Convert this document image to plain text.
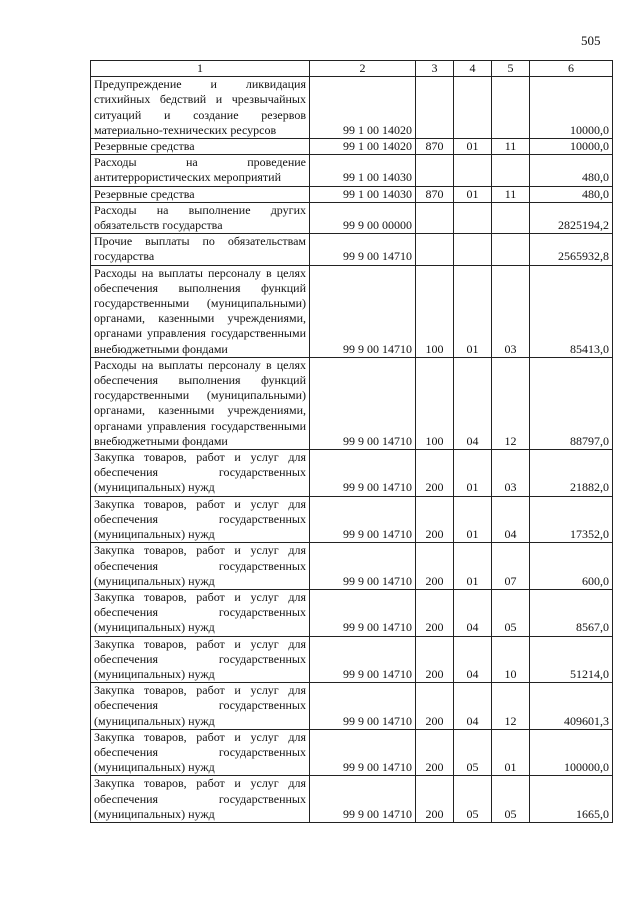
505
1	2	3	4	5	6
Предупреждение и ликвидация стихийных бедствий и чрезвычайных ситуаций и создание резервов материально-технических ресурсов	99 1 00 14020				10000,0
Резервные средства	99 1 00 14020	870	01	11	10000,0
Расходы на проведение антитеррористических мероприятий	99 1 00 14030				480,0
Резервные средства	99 1 00 14030	870	01	11	480,0
Расходы на выполнение других обязательств государства	99 9 00 00000				2825194,2
Прочие выплаты по обязательствам государства	99 9 00 14710				2565932,8
Расходы на выплаты персоналу в целях обеспечения выполнения функций государственными (муниципальными) органами, казенными учреждениями, органами управления государственными внебюджетными фондами	99 9 00 14710	100	01	03	85413,0
Расходы на выплаты персоналу в целях обеспечения выполнения функций государственными (муниципальными) органами, казенными учреждениями, органами управления государственными внебюджетными фондами	99 9 00 14710	100	04	12	88797,0
Закупка товаров, работ и услуг для обеспечения государственных (муниципальных) нужд	99 9 00 14710	200	01	03	21882,0
Закупка товаров, работ и услуг для обеспечения государственных (муниципальных) нужд	99 9 00 14710	200	01	04	17352,0
Закупка товаров, работ и услуг для обеспечения государственных (муниципальных) нужд	99 9 00 14710	200	01	07	600,0
Закупка товаров, работ и услуг для обеспечения государственных (муниципальных) нужд	99 9 00 14710	200	04	05	8567,0
Закупка товаров, работ и услуг для обеспечения государственных (муниципальных) нужд	99 9 00 14710	200	04	10	51214,0
Закупка товаров, работ и услуг для обеспечения государственных (муниципальных) нужд	99 9 00 14710	200	04	12	409601,3
Закупка товаров, работ и услуг для обеспечения государственных (муниципальных) нужд	99 9 00 14710	200	05	01	100000,0
Закупка товаров, работ и услуг для обеспечения государственных (муниципальных) нужд	99 9 00 14710	200	05	05	1665,0
